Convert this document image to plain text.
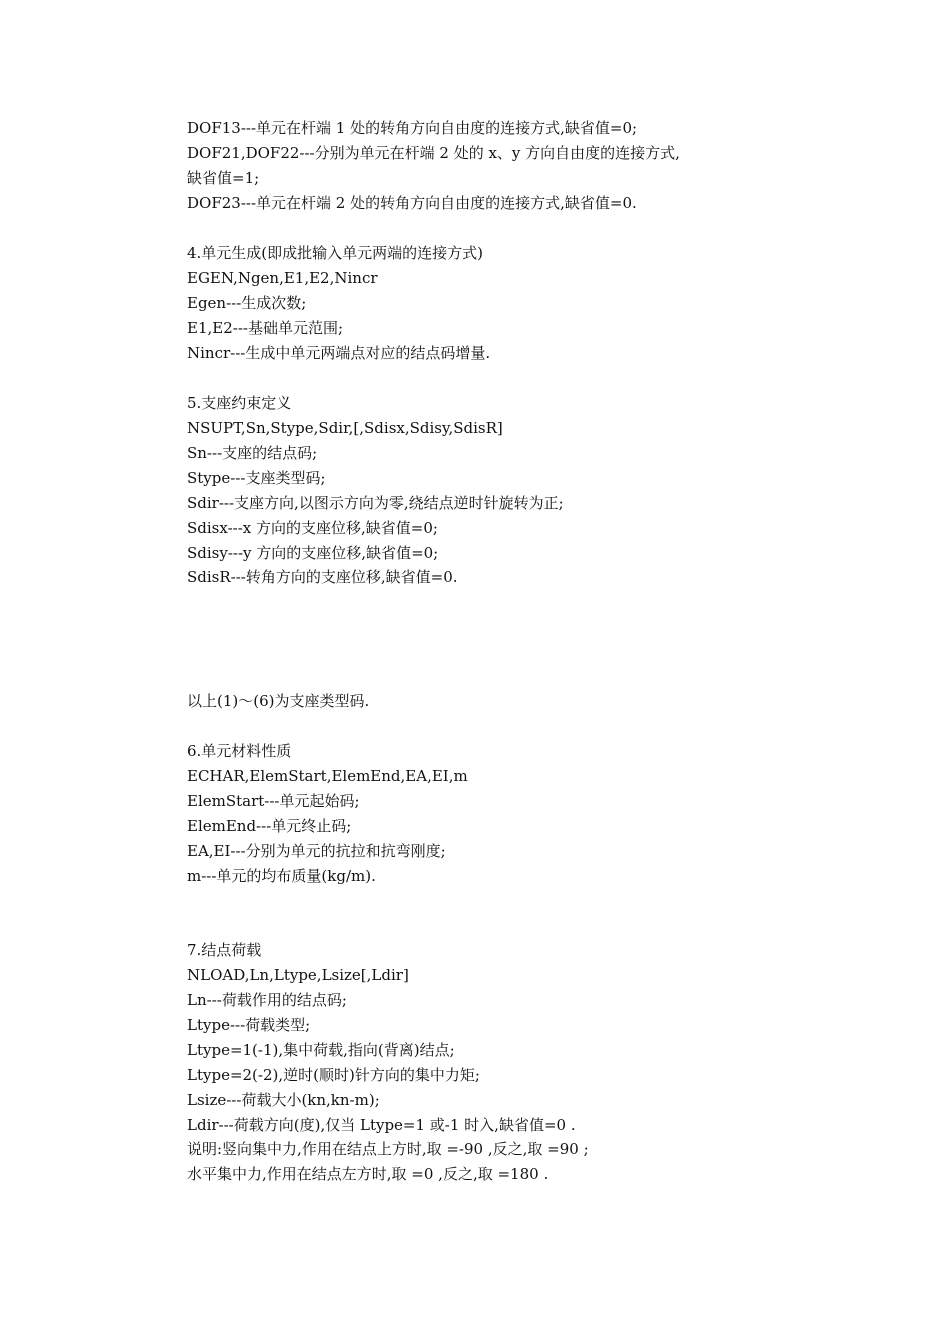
DOF13---单元在杆端 1 处的转角方向自由度的连接方式,缺省值=0;
DOF21,DOF22---分别为单元在杆端 2 处的 x、y 方向自由度的连接方式,
缺省值=1;
DOF23---单元在杆端 2 处的转角方向自由度的连接方式,缺省值=0.
4.单元生成(即成批输入单元两端的连接方式)
EGEN,Ngen,E1,E2,Nincr
Egen---生成次数;
E1,E2---基础单元范围;
Nincr---生成中单元两端点对应的结点码增量.
5.支座约束定义
NSUPT,Sn,Stype,Sdir,[,Sdisx,Sdisy,SdisR]
Sn---支座的结点码;
Stype---支座类型码;
Sdir---支座方向,以图示方向为零,绕结点逆时针旋转为正;
Sdisx---x 方向的支座位移,缺省值=0;
Sdisy---y 方向的支座位移,缺省值=0;
SdisR---转角方向的支座位移,缺省值=0.
以上(1)～(6)为支座类型码.
6.单元材料性质
ECHAR,ElemStart,ElemEnd,EA,EI,m
ElemStart---单元起始码;
ElemEnd---单元终止码;
EA,EI---分别为单元的抗拉和抗弯刚度;
m---单元的均布质量(kg/m).
7.结点荷载
NLOAD,Ln,Ltype,Lsize[,Ldir]
Ln---荷载作用的结点码;
Ltype---荷载类型;
Ltype=1(-1),集中荷载,指向(背离)结点;
Ltype=2(-2),逆时(顺时)针方向的集中力矩;
Lsize---荷载大小(kn,kn-m);
Ldir---荷载方向(度),仅当 Ltype=1 或-1 时入,缺省值=0 .
说明:竖向集中力,作用在结点上方时,取 =-90 ,反之,取 =90 ;
水平集中力,作用在结点左方时,取 =0 ,反之,取 =180 .
